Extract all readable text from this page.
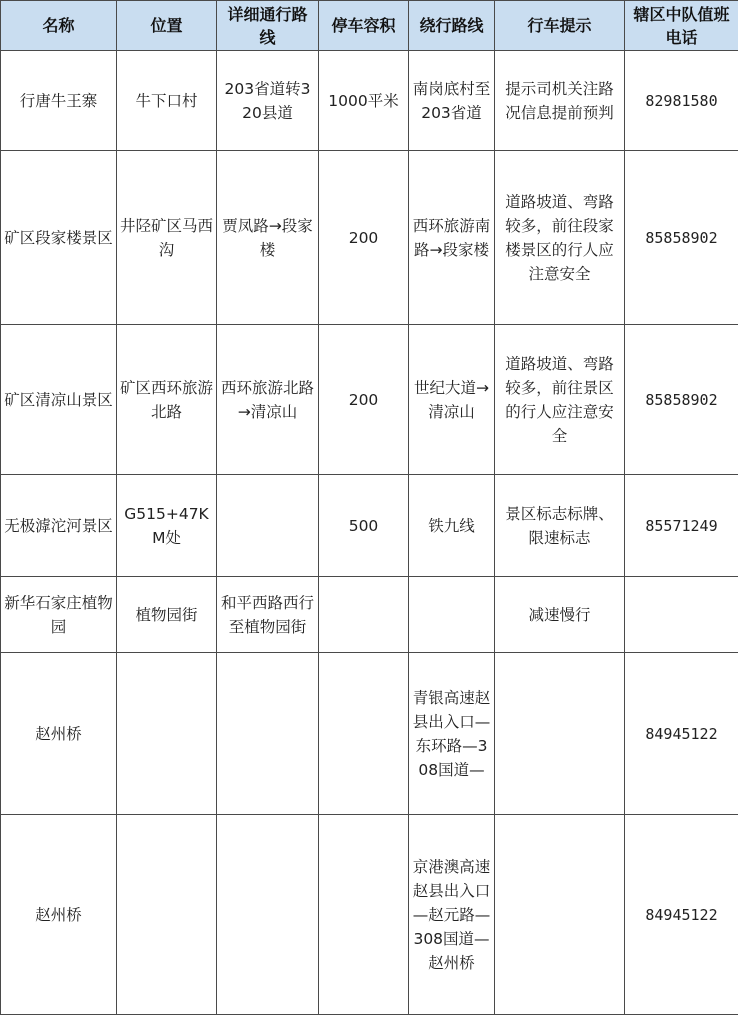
名称	位置	详细通行路线	停车容积	绕行路线	行车提示	辖区中队值班电话
行唐牛王寨	牛下口村	203省道转320县道	1000平米	南岗底村至203省道	提示司机关注路况信息提前预判	82981580
矿区段家楼景区	井陉矿区马西沟	贾凤路→段家楼	200	西环旅游南路→段家楼	道路坡道、弯路较多，前往段家楼景区的行人应注意安全	85858902
矿区清凉山景区	矿区西环旅游北路	西环旅游北路→清凉山	200	世纪大道→清凉山	道路坡道、弯路较多，前往景区的行人应注意安全	85858902
无极滹沱河景区	G515+47KM处		500	铁九线	景区标志标牌、限速标志	85571249
新华石家庄植物园	植物园街	和平西路西行至植物园街			减速慢行	
赵州桥				青银高速赵县出入口—东环路—308国道—		84945122
赵州桥				京港澳高速赵县出入口—赵元路—308国道—赵州桥		84945122
